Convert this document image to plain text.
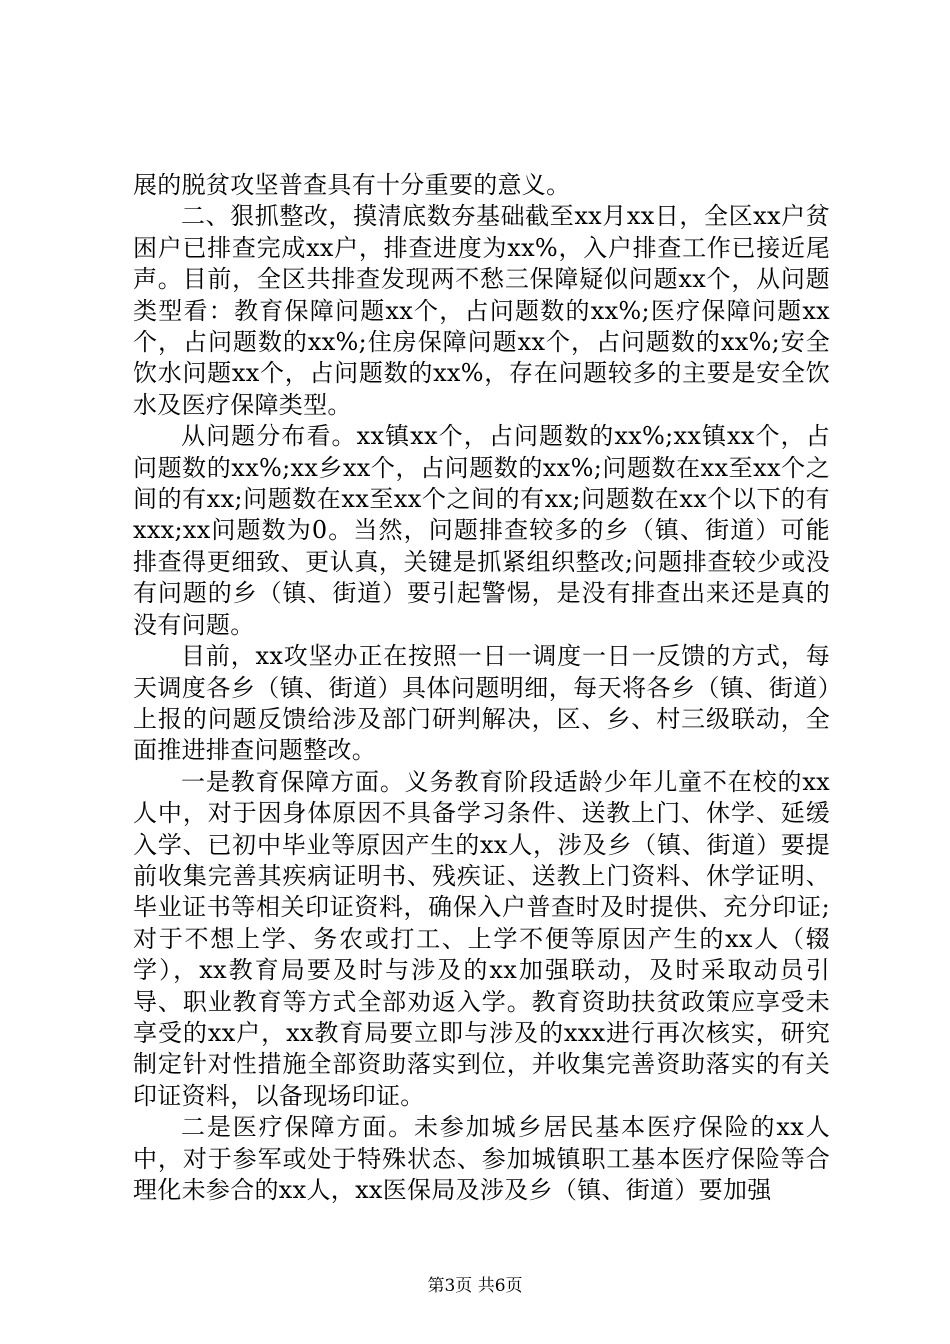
展的脱贫攻坚普查具有十分重要的意义。

二、狠抓整改，摸清底数夯基础截至xx月xx日，全区xx户贫困户已排查完成xx户，排查进度为xx%，入户排查工作已接近尾声。目前，全区共排查发现两不愁三保障疑似问题xx个，从问题类型看：教育保障问题xx个，占问题数的xx%;医疗保障问题xx个，占问题数的xx%;住房保障问题xx个，占问题数的xx%;安全饮水问题xx个，占问题数的xx%，存在问题较多的主要是安全饮水及医疗保障类型。

从问题分布看。xx镇xx个，占问题数的xx%;xx镇xx个，占问题数的xx%;xx乡xx个，占问题数的xx%;问题数在xx至xx个之间的有xx;问题数在xx至xx个之间的有xx;问题数在xx个以下的有xxx;xx问题数为0。当然，问题排查较多的乡（镇、街道）可能排查得更细致、更认真，关键是抓紧组织整改;问题排查较少或没有问题的乡（镇、街道）要引起警惕，是没有排查出来还是真的没有问题。

目前，xx攻坚办正在按照一日一调度一日一反馈的方式，每天调度各乡（镇、街道）具体问题明细，每天将各乡（镇、街道）上报的问题反馈给涉及部门研判解决，区、乡、村三级联动，全面推进排查问题整改。

一是教育保障方面。义务教育阶段适龄少年儿童不在校的xx人中，对于因身体原因不具备学习条件、送教上门、休学、延缓入学、已初中毕业等原因产生的xx人，涉及乡（镇、街道）要提前收集完善其疾病证明书、残疾证、送教上门资料、休学证明、毕业证书等相关印证资料，确保入户普查时及时提供、充分印证;对于不想上学、务农或打工、上学不便等原因产生的xx人（辍学），xx教育局要及时与涉及的xx加强联动，及时采取动员引导、职业教育等方式全部劝返入学。教育资助扶贫政策应享受未享受的xx户，xx教育局要立即与涉及的xxx进行再次核实，研究制定针对性措施全部资助落实到位，并收集完善资助落实的有关印证资料，以备现场印证。

二是医疗保障方面。未参加城乡居民基本医疗保险的xx人中，对于参军或处于特殊状态、参加城镇职工基本医疗保险等合理化未参合的xx人，xx医保局及涉及乡（镇、街道）要加强

第3页 共6页
